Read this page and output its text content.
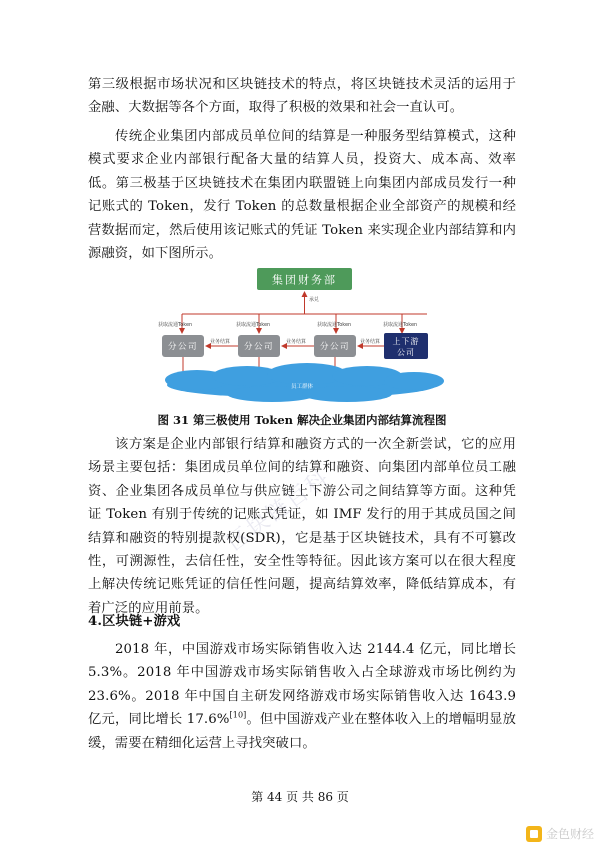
第三级根据市场状况和区块链技术的特点，将区块链技术灵活的运用于金融、大数据等各个方面，取得了积极的效果和社会一直认可。

传统企业集团内部成员单位间的结算是一种服务型结算模式，这种模式要求企业内部银行配备大量的结算人员，投资大、成本高、效率低。第三极基于区块链技术在集团内联盟链上向集团内部成员发行一种记账式的 Token，发行 Token 的总数量根据企业全部资产的规模和经营数据而定，然后使用该记账式的凭证 Token 来实现企业内部结算和内源融资，如下图所示。

集团财务部
承兑
获取流通Token	获取流通Token	获取流通Token	获取流通Token
分公司	分公司	分公司
上下游
公司
业务结算	业务结算	业务结算
员工群体

图 31 第三极使用 Token 解决企业集团内部结算流程图

该方案是企业内部银行结算和融资方式的一次全新尝试，它的应用场景主要包括：集团成员单位间的结算和融资、向集团内部单位员工融资、企业集团各成员单位与供应链上下游公司之间结算等方面。这种凭证 Token 有别于传统的记账式凭证，如 IMF 发行的用于其成员国之间结算和融资的特别提款权(SDR)，它是基于区块链技术，具有不可篡改性，可溯源性，去信任性，安全性等特征。因此该方案可以在很大程度上解决传统记账凭证的信任性问题，提高结算效率，降低结算成本，有着广泛的应用前景。

4.区块链+游戏

2018 年，中国游戏市场实际销售收入达 2144.4 亿元，同比增长 5.3%。2018 年中国游戏市场实际销售收入占全球游戏市场比例约为 23.6%。2018 年中国自主研发网络游戏市场实际销售收入达 1643.9 亿元，同比增长 17.6%[10]。但中国游戏产业在整体收入上的增幅明显放缓，需要在精细化运营上寻找突破口。

区块链百科

第 44 页 共 86 页

金色财经
